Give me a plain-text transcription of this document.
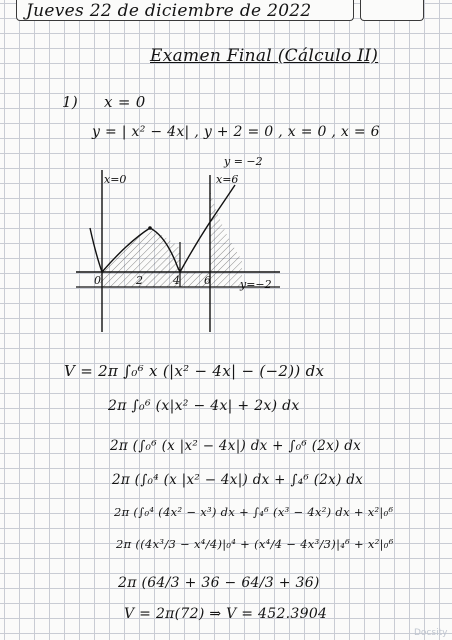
Jueves 22 de diciembre de 2022
Examen Final (Cálculo II)
1) x = 0
y = | x² − 4x| , y + 2 = 0 , x = 0 , x = 6
x=0	x=6
y = −2
y=−2
0	2	4 6
V = 2π ∫₀⁶ x (|x² − 4x| − (−2)) dx
2π ∫₀⁶ (x|x² − 4x| + 2x) dx
2π (∫₀⁶ (x |x² − 4x|) dx + ∫₀⁶ (2x) dx
2π (∫₀⁴ (x |x² − 4x|) dx + ∫₄⁶ (2x) dx
2π (∫₀⁴ (4x² − x³) dx + ∫₄⁶ (x³ − 4x²) dx + x²|₀⁶
2π ((4x³/3 − x⁴/4)|₀⁴ + (x⁴/4 − 4x³/3)|₄⁶ + x²|₀⁶
2π (64/3 + 36 − 64/3 + 36)
V = 2π(72) ⇒ V = 452.3904
Docsity
